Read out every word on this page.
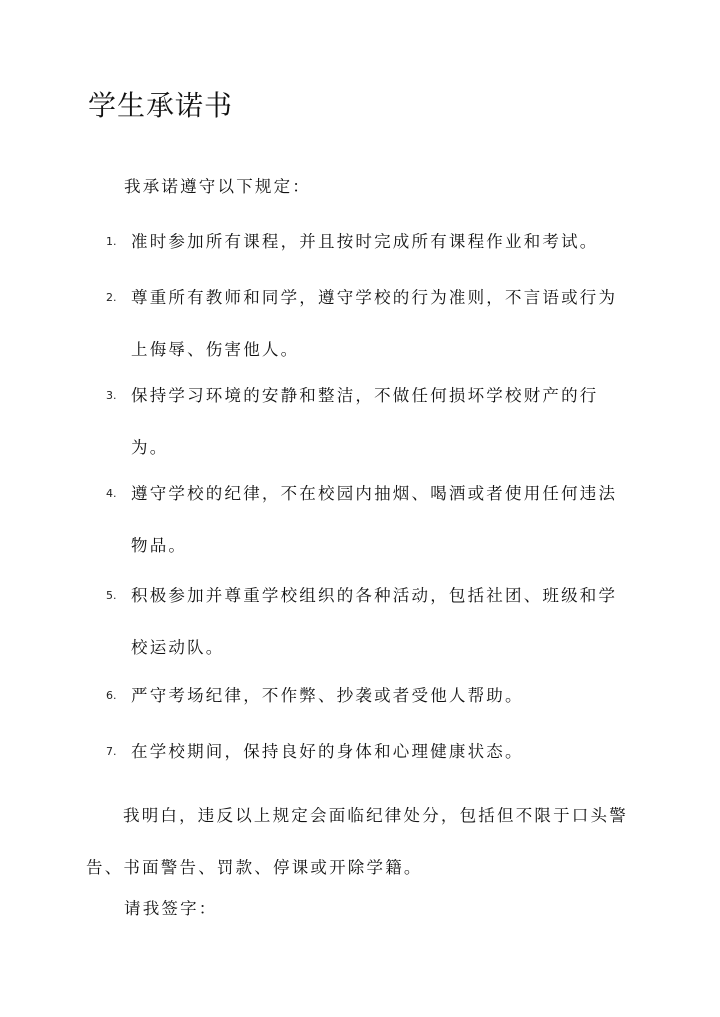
学生承诺书
我承诺遵守以下规定：
1. 准时参加所有课程，并且按时完成所有课程作业和考试。
2. 尊重所有教师和同学，遵守学校的行为准则，不言语或行为上侮辱、伤害他人。
3. 保持学习环境的安静和整洁，不做任何损坏学校财产的行为。
4. 遵守学校的纪律，不在校园内抽烟、喝酒或者使用任何违法物品。
5. 积极参加并尊重学校组织的各种活动，包括社团、班级和学校运动队。
6. 严守考场纪律，不作弊、抄袭或者受他人帮助。
7. 在学校期间，保持良好的身体和心理健康状态。

我明白，违反以上规定会面临纪律处分，包括但不限于口头警告、书面警告、罚款、停课或开除学籍。

请我签字：
